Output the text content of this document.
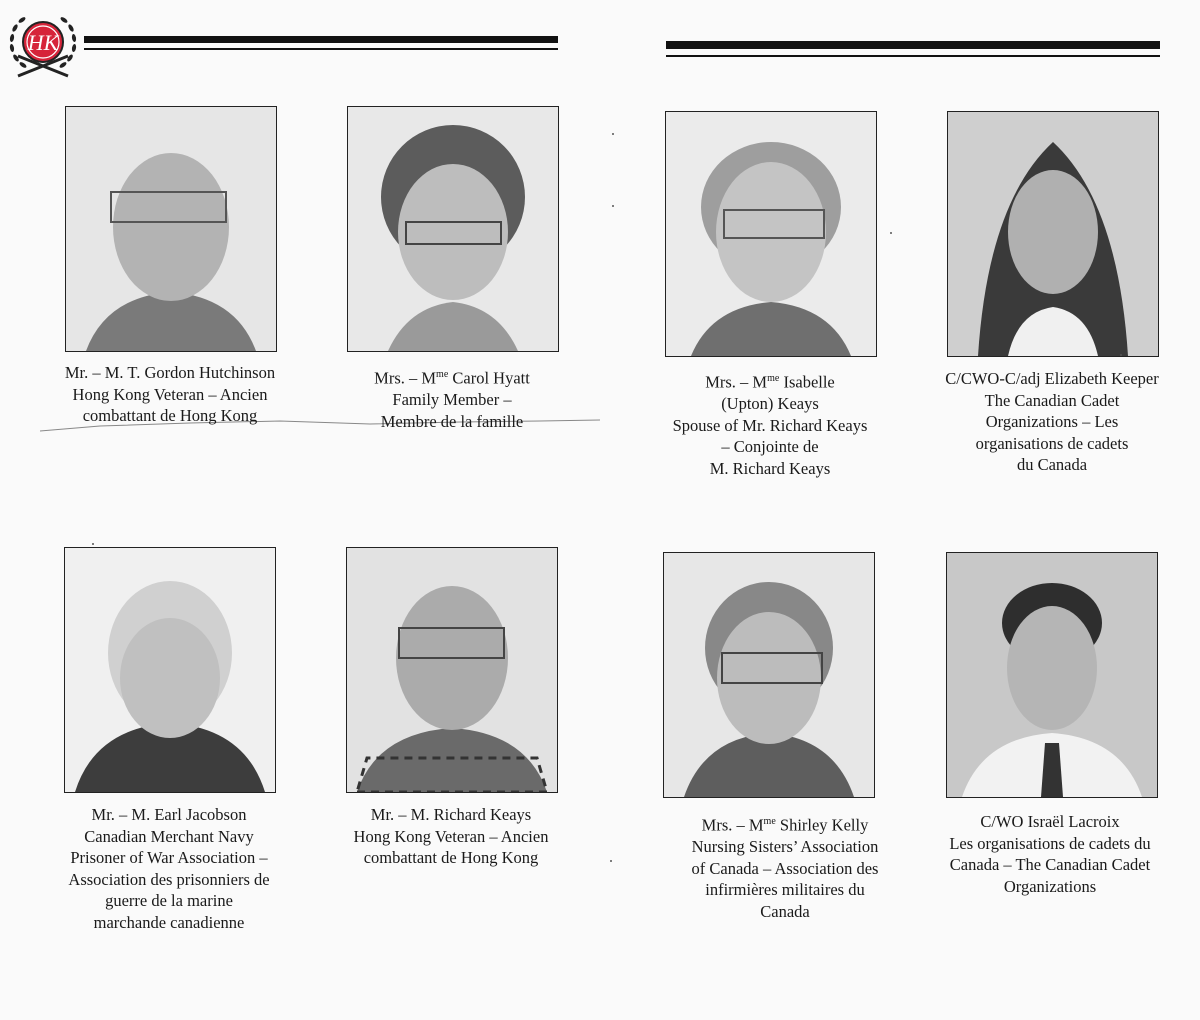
HK
Mr. – M. T. Gordon Hutchinson
Hong Kong Veteran – Ancien
combattant de Hong Kong
Mrs. – $M^{me}$ Carol Hyatt
Family Member –
Membre de la famille
Mrs. – $M^{me}$ Isabelle
(Upton) Keays
Spouse of Mr. Richard Keays
– Conjointe de
M. Richard Keays
C/CWO-C/adj Elizabeth Keeper
The Canadian Cadet
Organizations – Les
organisations de cadets
du Canada
Mr. – M. Earl Jacobson
Canadian Merchant Navy
Prisoner of War Association –
Association des prisonniers de
guerre de la marine
marchande canadienne
Mr. – M. Richard Keays
Hong Kong Veteran – Ancien
combattant de Hong Kong
Mrs. – $M^{me}$ Shirley Kelly
Nursing Sisters’ Association
of Canada – Association des
infirmières militaires du
Canada
C/WO Israël Lacroix
Les organisations de cadets du
Canada – The Canadian Cadet
Organizations
